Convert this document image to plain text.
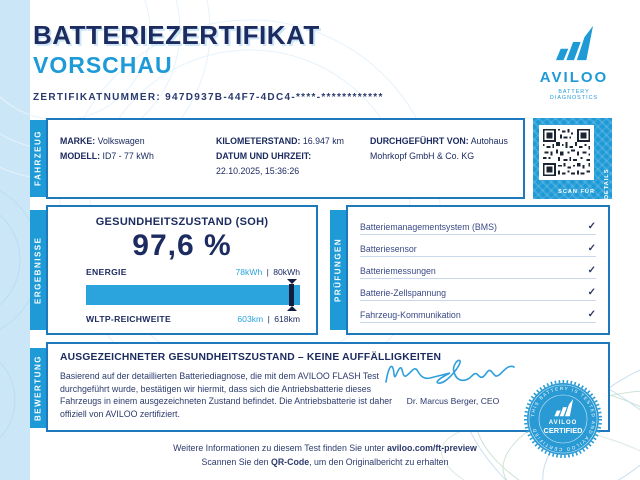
BATTERIEZERTIFIKAT
VORSCHAU
ZERTIFIKATNUMMER: 947D937B-44F7-4DC4-****-************
AVILOO
BATTERY DIAGNOSTICS
FAHRZEUG MARKE: Volkswagen
MODELL: ID7 - 77 kWh
KILOMETERSTAND: 16.947 km
DATUM UND UHRZEIT:
22.10.2025, 15:36:26
DURCHGEFÜHRT VON: Autohaus Mohrkopf GmbH & Co. KG
SCAN FÜR DETAILS
ERGEBNISSE
GESUNDHEITSZUSTAND (SOH)
97,6 %
ENERGIE	78kWh | 80kWh
WLTP-REICHWEITE	603km | 618km
PRÜFUNGEN
Batteriemanagementsystem (BMS)	✓
Batteriesensor	✓
Batteriemessungen	✓
Batterie-Zellspannung	✓
Fahrzeug-Kommunikation	✓
BEWERTUNG AUSGEZEICHNETER GESUNDHEITSZUSTAND – KEINE AUFFÄLLIGKEITEN
Basierend auf der detaillierten Batteriediagnose, die mit dem AVILOO FLASH Test durchgeführt wurde, bestätigen wir hiermit, dass sich die Antriebsbatterie dieses Fahrzeugs in einem ausgezeichneten Zustand befindet. Die Antriebsbatterie ist daher offiziell von AVILOO zertifiziert.
Dr. Marcus Berger, CEO
THIS BATTERY IS TESTED AND AVILOO CERTIFIED
AVILOO
CERTIFIED
Weitere Informationen zu diesem Test finden Sie unter aviloo.com/ft-preview
Scannen Sie den QR-Code, um den Originalbericht zu erhalten
